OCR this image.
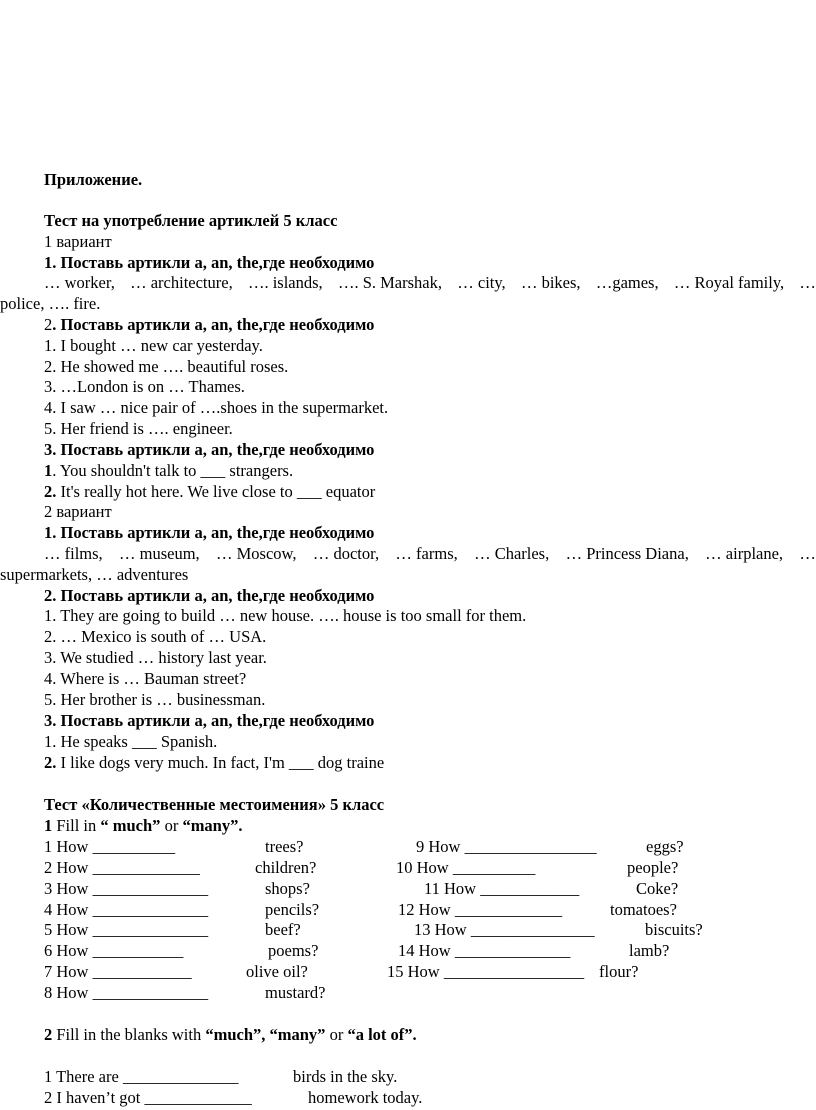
Приложение.
Тест на употребление артиклей 5 класс
1 вариант
1. Поставь артикли a, an, the,где необходимо
… worker, … architecture, …. islands, …. S. Marshak, … city, … bikes, …games, … Royal family, …
police, …. fire.
2. Поставь артикли a, an, the,где необходимо
1. I bought … new car yesterday.
2. He showed me …. beautiful roses.
3. …London is on … Thames.
4. I saw … nice pair of ….shoes in the supermarket.
5. Her friend is …. engineer.
3. Поставь артикли a, an, the,где необходимо
1. You shouldn't talk to ___ strangers.
2. It's really hot here. We live close to ___ equator
2 вариант
1. Поставь артикли a, an, the,где необходимо
… films, … museum, … Moscow, … doctor, … farms, … Charles, … Princess Diana, … airplane, …
supermarkets, … adventures
2. Поставь артикли a, an, the,где необходимо
1. They are going to build … new house. …. house is too small for them.
2. … Mexico is south of … USA.
3. We studied … history last year.
4. Where is … Bauman street?
5. Her brother is … businessman.
3. Поставь артикли a, an, the,где необходимо
1. He speaks ___ Spanish.
2. I like dogs very much. In fact, I'm ___ dog traine
Тест «Количественные местоимения» 5 класс
1 Fill in “ much” or “many”.
1 How __________	trees?
2 How _____________	children?
3 How ______________	shops?
4 How ______________	pencils?
5 How ______________	beef?
6 How ___________	poems?
7 How ____________	olive oil?
8 How ______________	mustard?
9 How ________________	eggs?
10 How __________	people?
11 How ____________	Coke?
12 How _____________	tomatoes?
13 How _______________	biscuits?
14 How ______________	lamb?
15 How _________________ flour?
2 Fill in the blanks with “much”, “many” or “a lot of”.
1 There are ______________	birds in the sky.
2 I haven’t got _____________	homework today.
